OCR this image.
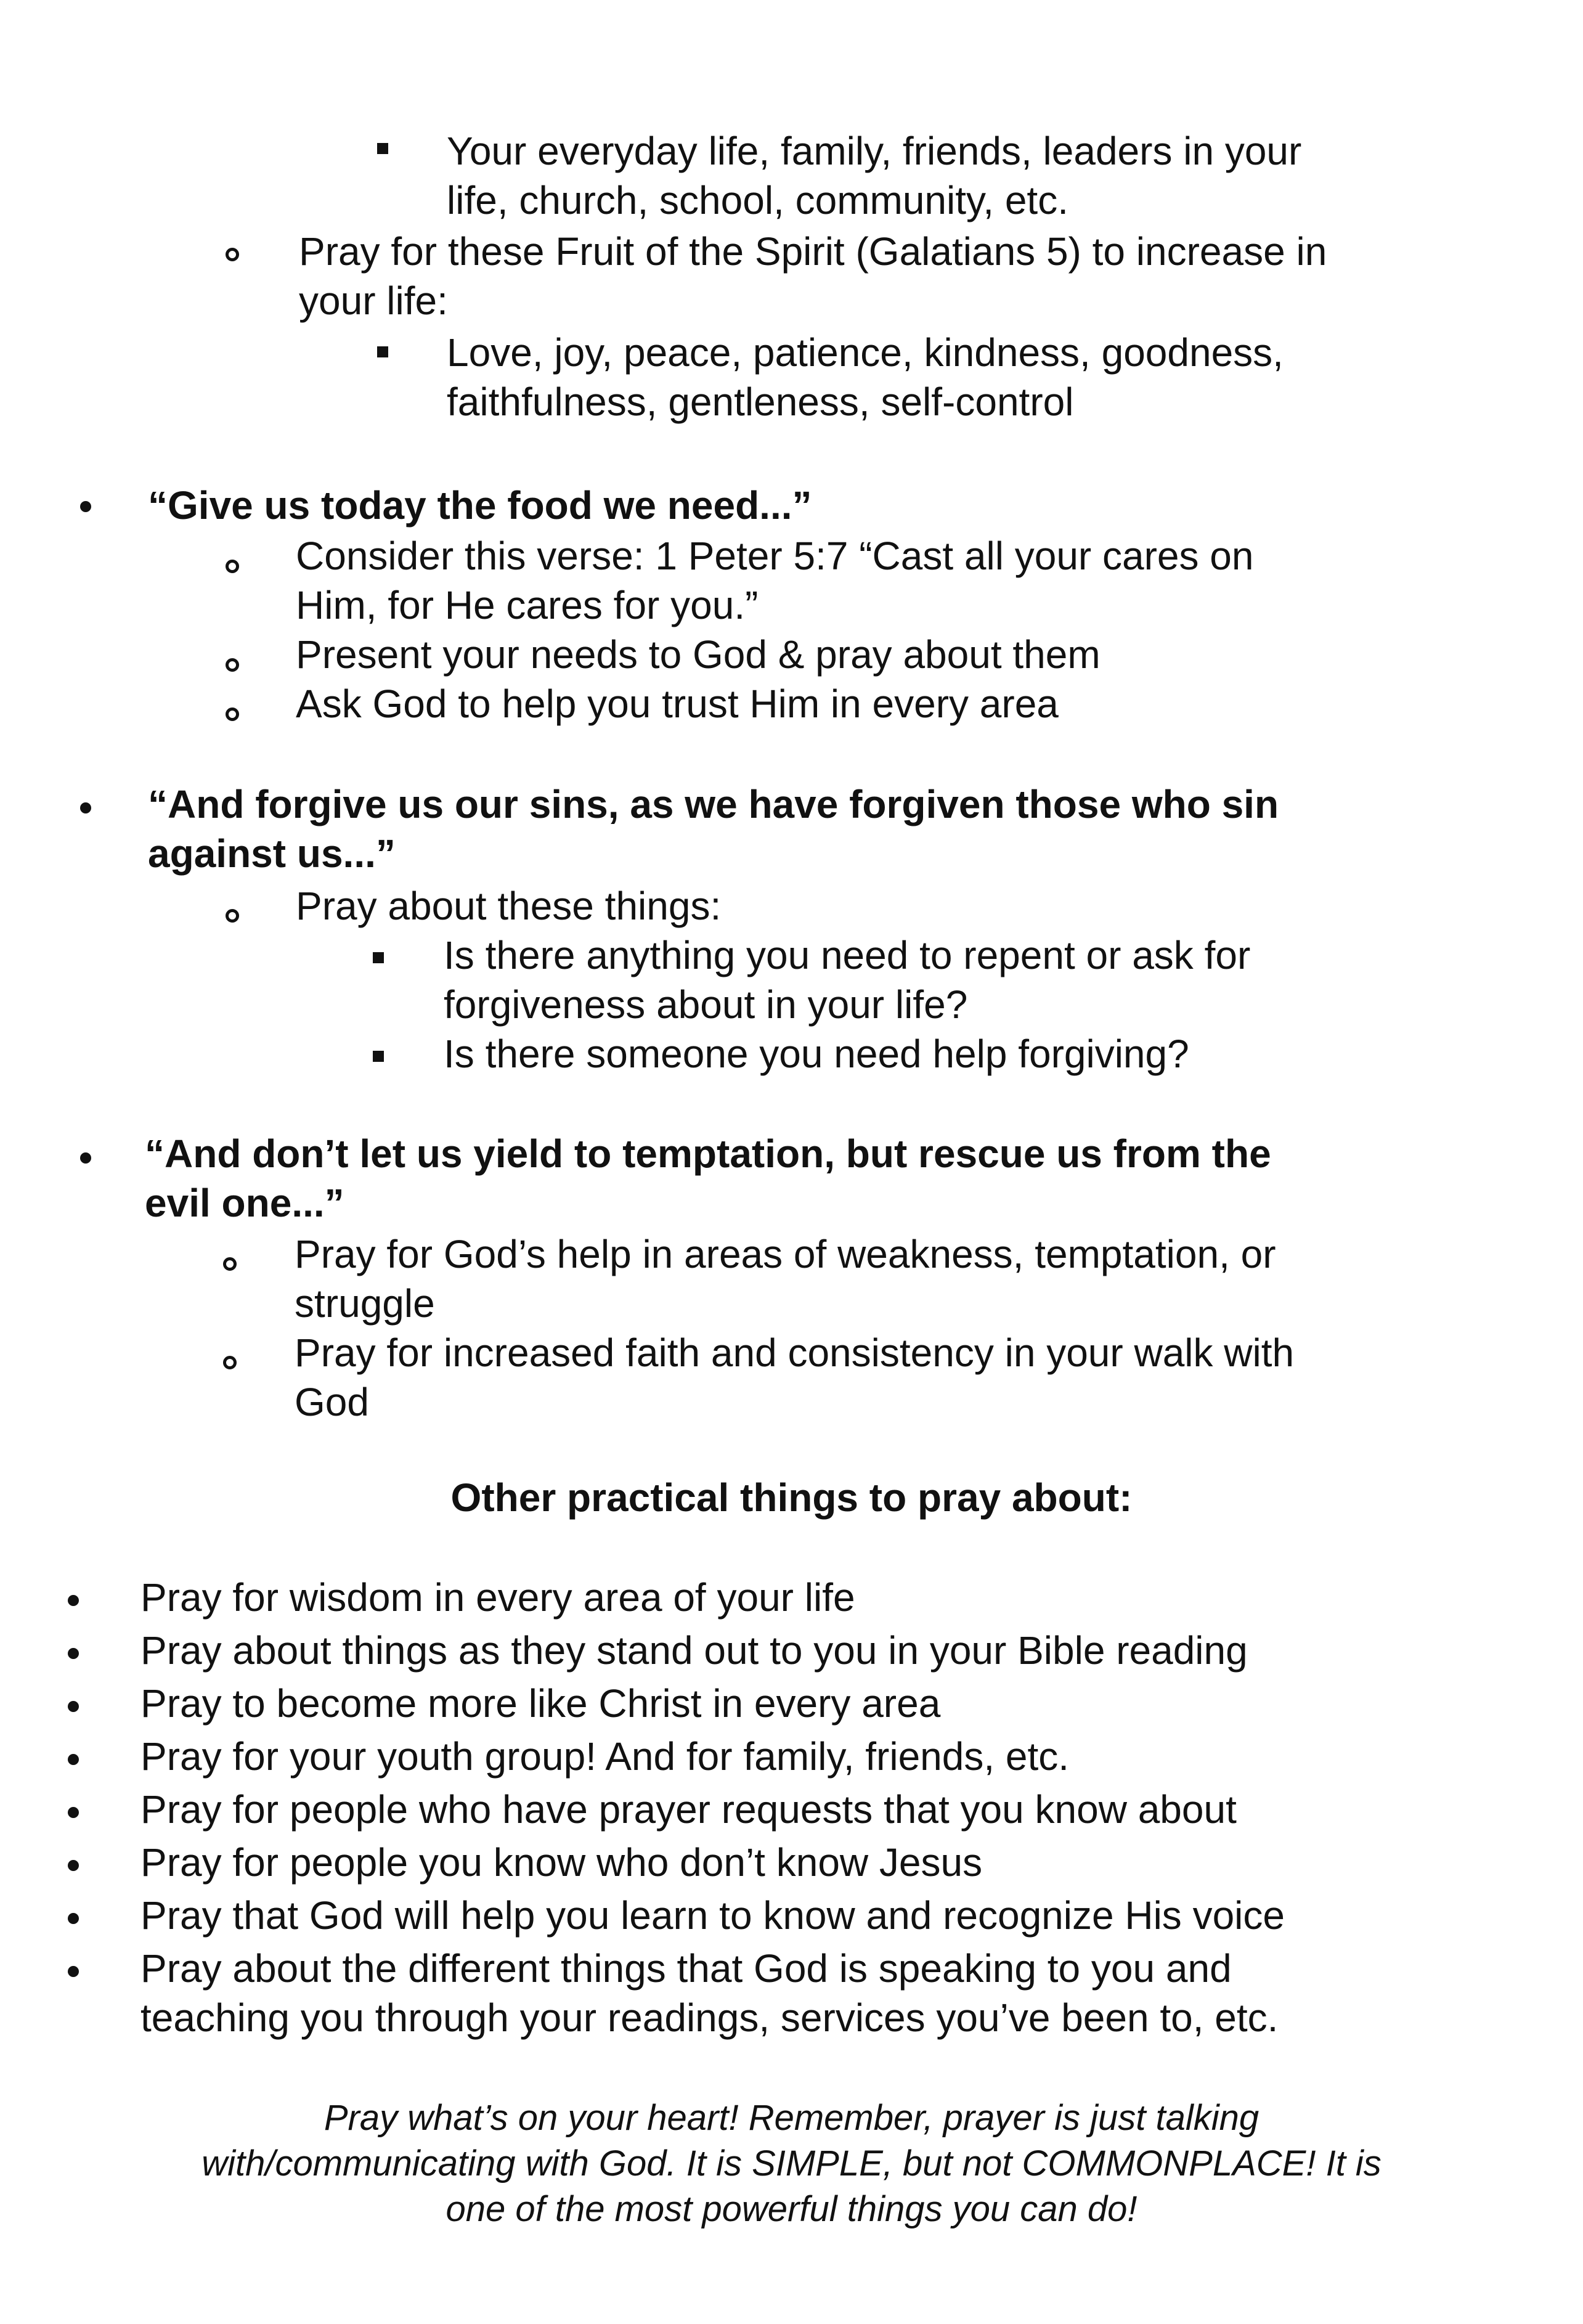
Your everyday life, family, friends, leaders in your
life, church, school, community, etc.
Pray for these Fruit of the Spirit (Galatians 5) to increase in
your life:
Love, joy, peace, patience, kindness, goodness,
faithfulness, gentleness, self-control
“Give us today the food we need...”
Consider this verse: 1 Peter 5:7 “Cast all your cares on
Him, for He cares for you.”
Present your needs to God & pray about them
Ask God to help you trust Him in every area
“And forgive us our sins, as we have forgiven those who sin
against us...”
Pray about these things:
Is there anything you need to repent or ask for
forgiveness about in your life?
Is there someone you need help forgiving?
“And don’t let us yield to temptation, but rescue us from the
evil one...”
Pray for God’s help in areas of weakness, temptation, or
struggle
Pray for increased faith and consistency in your walk with
God
Other practical things to pray about:
Pray for wisdom in every area of your life
Pray about things as they stand out to you in your Bible reading
Pray to become more like Christ in every area
Pray for your youth group! And for family, friends, etc.
Pray for people who have prayer requests that you know about
Pray for people you know who don’t know Jesus
Pray that God will help you learn to know and recognize His voice
Pray about the different things that God is speaking to you and
teaching you through your readings, services you’ve been to, etc.
Pray what’s on your heart! Remember, prayer is just talking
with/communicating with God. It is SIMPLE, but not COMMONPLACE! It is
one of the most powerful things you can do!
